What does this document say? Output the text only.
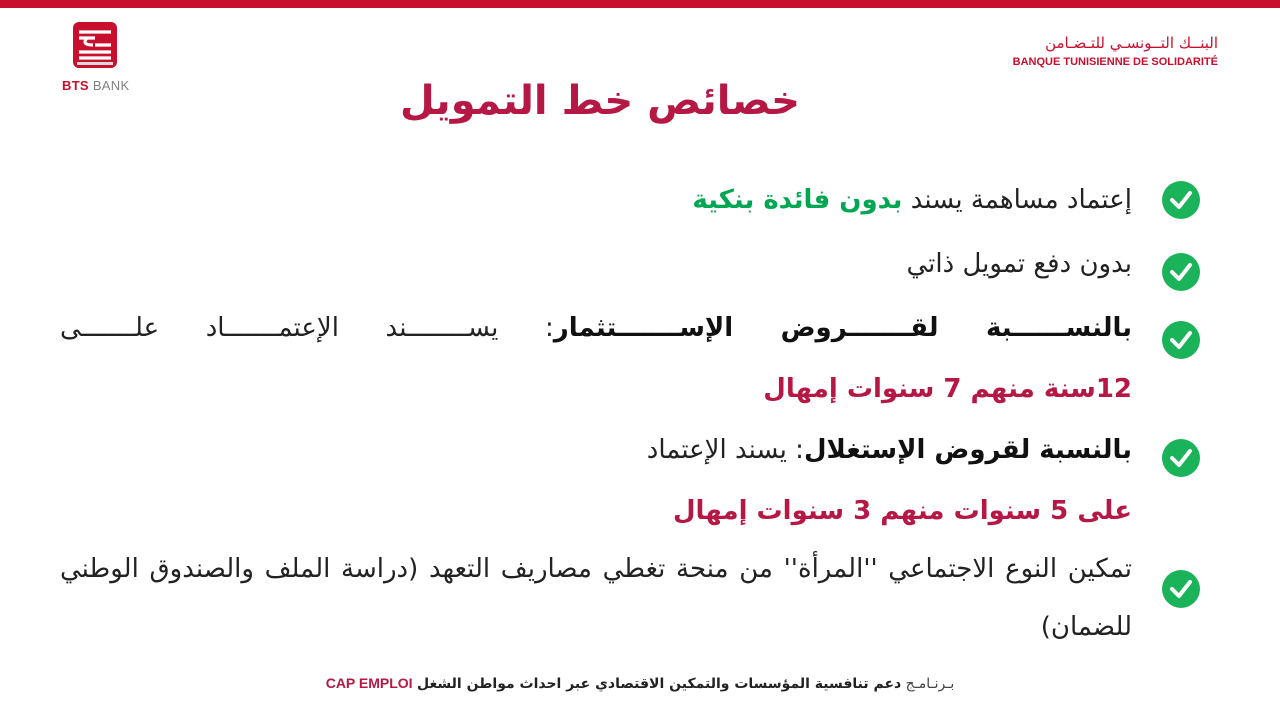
BTS BANK
البنــك التــونسـي للتـضـامن
BANQUE TUNISIENNE DE SOLIDARITÉ
خصائص خط التمويل
إعتماد مساهمة يسند بدون فائدة بنكية
بدون دفع تمويل ذاتي
بالنســــــبة لقـــــــروض الإســـــــتثمار: يســــــــند الإعتمـــــــاد علـــــــى
12سنة منهم 7 سنوات إمهال
بالنسبة لقروض الإستغلال: يسند الإعتماد
على 5 سنوات منهم 3 سنوات إمهال
تمكين النوع الاجتماعي ''المرأة'' من منحة تغطي مصاريف التعهد (دراسة الملف والصندوق الوطني للضمان)
بـرنـامـج دعم تنافسية المؤسسات والتمكين الاقتصادي عبر احداث مواطن الشغل CAP EMPLOI
